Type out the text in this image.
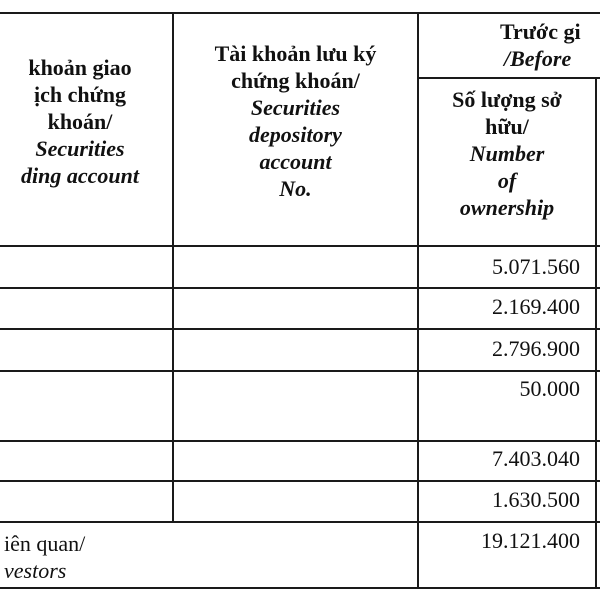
khoản giao
ịch chứng
khoán/
Securities
ding account
Tài khoản lưu ký
chứng khoán/
Securities
depository
account
No.
Trước gi
/Before
Số lượng sở
hữu/
Number
of
ownership
5.071.560
2.169.400
2.796.900
50.000
7.403.040
1.630.500
iên quan/
vestors
19.121.400
